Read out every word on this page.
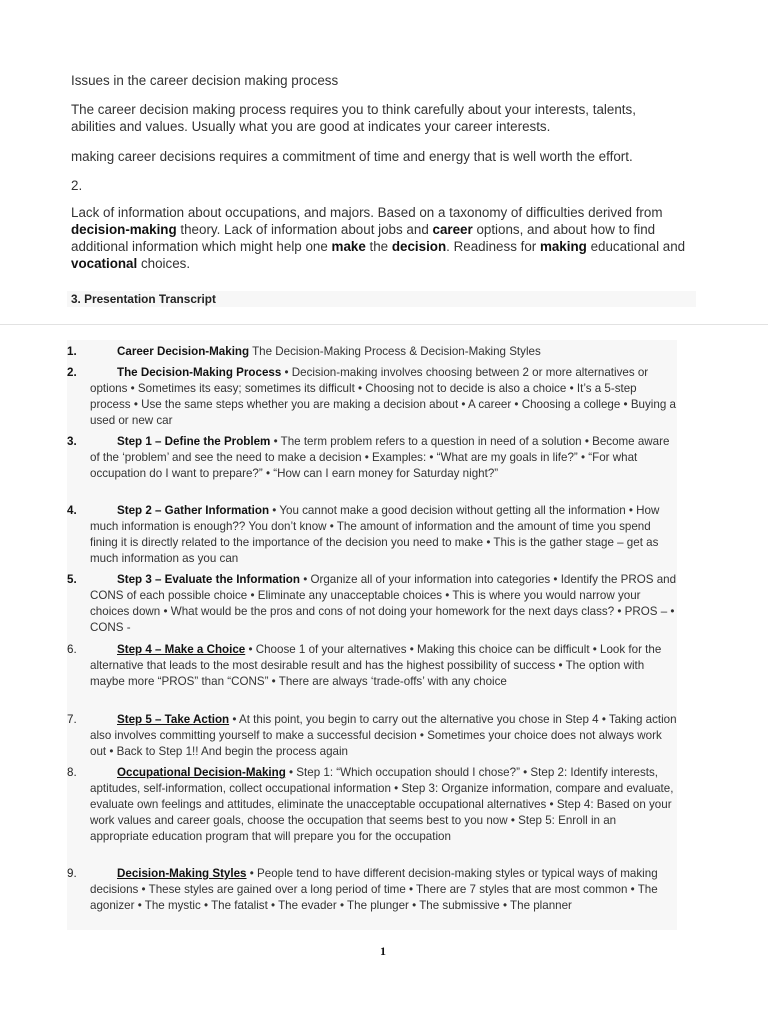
Issues in the career decision making process

The career decision making process requires you to think carefully about your interests, talents, abilities and values. Usually what you are good at indicates your career interests.

making career decisions requires a commitment of time and energy that is well worth the effort.

2.

Lack of information about occupations, and majors. Based on a taxonomy of difficulties derived from decision-making theory. Lack of information about jobs and career options, and about how to find additional information which might help one make the decision. Readiness for making educational and vocational choices.

3. Presentation Transcript
1.	Career Decision-Making The Decision-Making Process & Decision-Making Styles
2.	The Decision-Making Process • Decision-making involves choosing between 2 or more alternatives or options • Sometimes its easy; sometimes its difficult • Choosing not to decide is also a choice • It’s a 5-step process • Use the same steps whether you are making a decision about • A career • Choosing a college • Buying a used or new car
3.	Step 1 – Define the Problem • The term problem refers to a question in need of a solution • Become aware of the ‘problem’ and see the need to make a decision • Examples: • “What are my goals in life?” • “For what occupation do I want to prepare?” • “How can I earn money for Saturday night?”
4.	Step 2 – Gather Information • You cannot make a good decision without getting all the information • How much information is enough?? You don’t know • The amount of information and the amount of time you spend fining it is directly related to the importance of the decision you need to make • This is the gather stage – get as much information as you can
5.	Step 3 – Evaluate the Information • Organize all of your information into categories • Identify the PROS and CONS of each possible choice • Eliminate any unacceptable choices • This is where you would narrow your choices down • What would be the pros and cons of not doing your homework for the next days class? • PROS – • CONS -
6.	Step 4 – Make a Choice • Choose 1 of your alternatives • Making this choice can be difficult • Look for the alternative that leads to the most desirable result and has the highest possibility of success • The option with maybe more “PROS” than “CONS” • There are always ‘trade-offs’ with any choice
7.	Step 5 – Take Action • At this point, you begin to carry out the alternative you chose in Step 4 • Taking action also involves committing yourself to make a successful decision • Sometimes your choice does not always work out • Back to Step 1!! And begin the process again
8.	Occupational Decision-Making • Step 1: “Which occupation should I chose?” • Step 2: Identify interests, aptitudes, self-information, collect occupational information • Step 3: Organize information, compare and evaluate, evaluate own feelings and attitudes, eliminate the unacceptable occupational alternatives • Step 4: Based on your work values and career goals, choose the occupation that seems best to you now • Step 5: Enroll in an appropriate education program that will prepare you for the occupation
9.	Decision-Making Styles • People tend to have different decision-making styles or typical ways of making decisions • These styles are gained over a long period of time • There are 7 styles that are most common • The agonizer • The mystic • The fatalist • The evader • The plunger • The submissive • The planner
1
